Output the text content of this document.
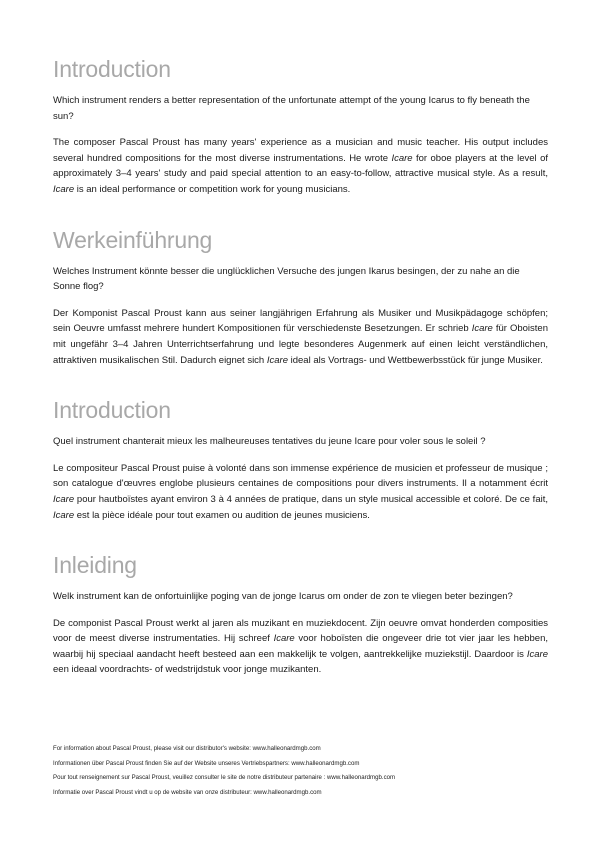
Introduction

Which instrument renders a better representation of the unfortunate attempt of the young Icarus to fly beneath the sun?

The composer Pascal Proust has many years' experience as a musician and music teacher. His output includes several hundred compositions for the most diverse instrumentations. He wrote Icare for oboe players at the level of approximately 3–4 years' study and paid special attention to an easy-to-follow, attractive musical style. As a result, Icare is an ideal performance or competition work for young musicians.

Werkeinführung

Welches Instrument könnte besser die unglücklichen Versuche des jungen Ikarus besingen, der zu nahe an die Sonne flog?

Der Komponist Pascal Proust kann aus seiner langjährigen Erfahrung als Musiker und Musikpädagoge schöpfen; sein Oeuvre umfasst mehrere hundert Kompositionen für verschiedenste Besetzungen. Er schrieb Icare für Oboisten mit ungefähr 3–4 Jahren Unterrichtserfahrung und legte besonderes Augenmerk auf einen leicht verständlichen, attraktiven musikalischen Stil. Dadurch eignet sich Icare ideal als Vortrags- und Wettbewerbsstück für junge Musiker.

Introduction

Quel instrument chanterait mieux les malheureuses tentatives du jeune Icare pour voler sous le soleil ?

Le compositeur Pascal Proust puise à volonté dans son immense expérience de musicien et professeur de musique ; son catalogue d'œuvres englobe plusieurs centaines de compositions pour divers instruments. Il a notamment écrit Icare pour hautboïstes ayant environ 3 à 4 années de pratique, dans un style musical accessible et coloré. De ce fait, Icare est la pièce idéale pour tout examen ou audition de jeunes musiciens.

Inleiding

Welk instrument kan de onfortuinlijke poging van de jonge Icarus om onder de zon te vliegen beter bezingen?

De componist Pascal Proust werkt al jaren als muzikant en muziekdocent. Zijn oeuvre omvat honderden composities voor de meest diverse instrumentaties. Hij schreef Icare voor hoboïsten die ongeveer drie tot vier jaar les hebben, waarbij hij speciaal aandacht heeft besteed aan een makkelijk te volgen, aantrekkelijke muziekstijl. Daardoor is Icare een ideaal voordrachts- of wedstrijdstuk voor jonge muzikanten.

For information about Pascal Proust, please visit our distributor's website: www.halleonardmgb.com
Informationen über Pascal Proust finden Sie auf der Website unseres Vertriebspartners: www.halleonardmgb.com
Pour tout renseignement sur Pascal Proust, veuillez consulter le site de notre distributeur partenaire : www.halleonardmgb.com
Informatie over Pascal Proust vindt u op de website van onze distributeur: www.halleonardmgb.com
